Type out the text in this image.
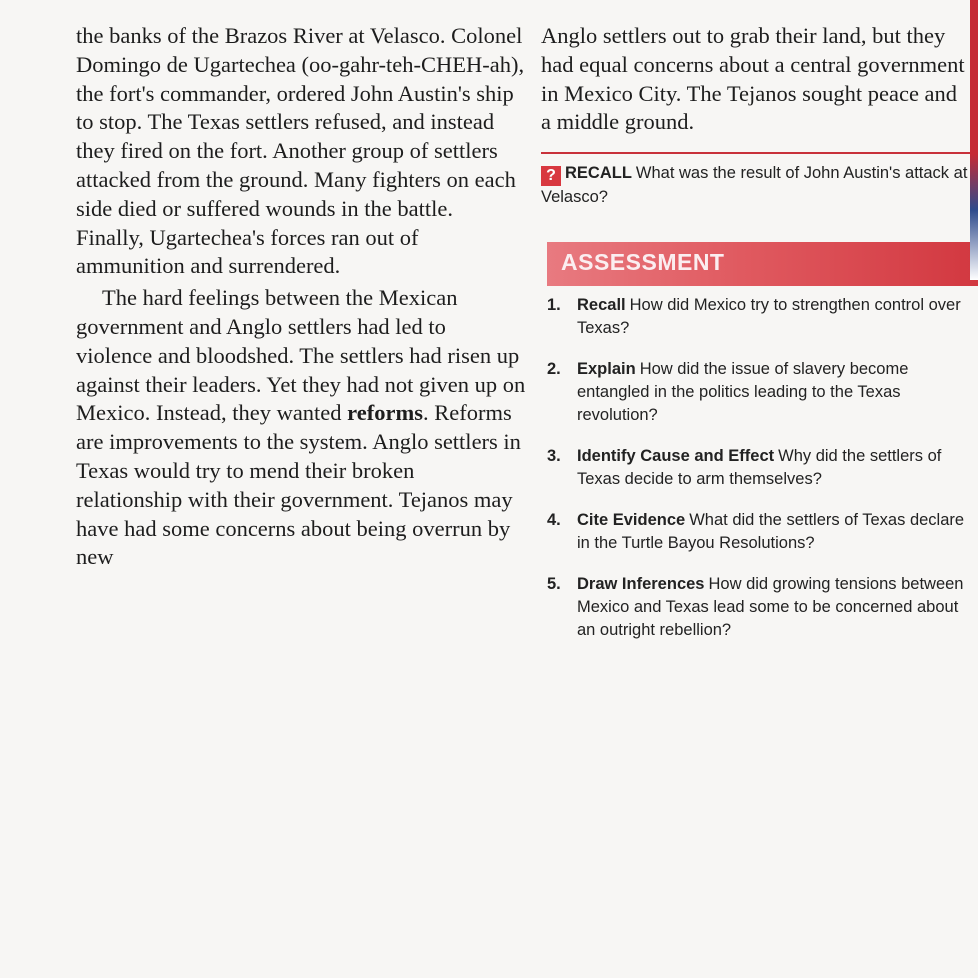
the banks of the Brazos River at Velasco. Colonel Domingo de Ugartechea (oo-gahr-teh-CHEH-ah), the fort's commander, ordered John Austin's ship to stop. The Texas settlers refused, and instead they fired on the fort. Another group of settlers attacked from the ground. Many fighters on each side died or suffered wounds in the battle. Finally, Ugartechea's forces ran out of ammunition and surrendered.

The hard feelings between the Mexican government and Anglo settlers had led to violence and bloodshed. The settlers had risen up against their leaders. Yet they had not given up on Mexico. Instead, they wanted reforms. Reforms are improvements to the system. Anglo settlers in Texas would try to mend their broken relationship with their government. Tejanos may have had some concerns about being overrun by new

Anglo settlers out to grab their land, but they had equal concerns about a central government in Mexico City. The Tejanos sought peace and a middle ground.

? RECALL What was the result of John Austin's attack at Velasco?
ASSESSMENT
1. Recall How did Mexico try to strengthen control over Texas?
2. Explain How did the issue of slavery become entangled in the politics leading to the Texas revolution?
3. Identify Cause and Effect Why did the settlers of Texas decide to arm themselves?
4. Cite Evidence What did the settlers of Texas declare in the Turtle Bayou Resolutions?
5. Draw Inferences How did growing tensions between Mexico and Texas lead some to be concerned about an outright rebellion?
